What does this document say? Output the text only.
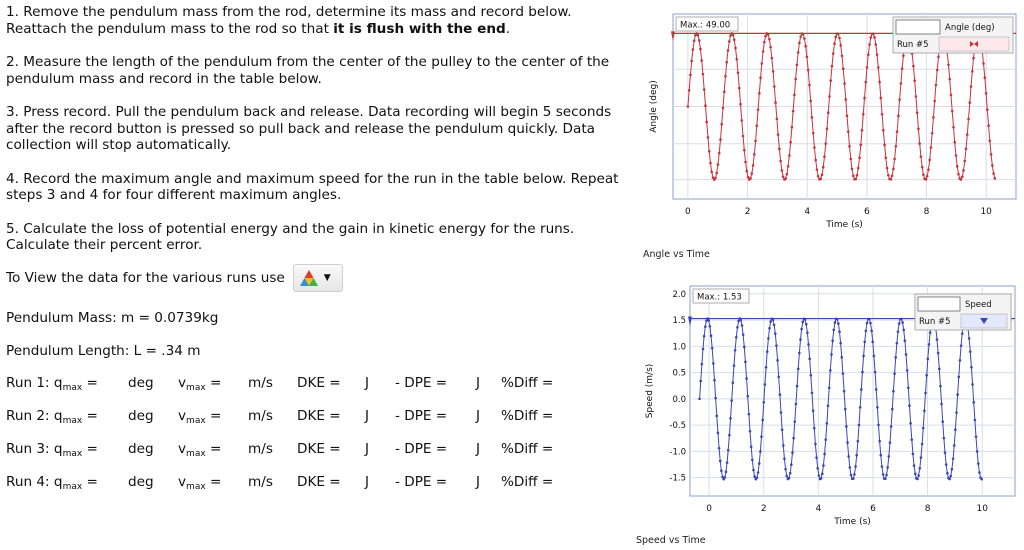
1. Remove the pendulum mass from the rod, determine its mass and record below.
Reattach the pendulum mass to the rod so that it is flush with the end.

2. Measure the length of the pendulum from the center of the pulley to the center of the pendulum mass and record in the table below.

3. Press record. Pull the pendulum back and release. Data recording will begin 5 seconds after the record button is pressed so pull back and release the pendulum quickly. Data collection will stop automatically.

4. Record the maximum angle and maximum speed for the run in the table below. Repeat steps 3 and 4 for four different maximum angles.

5. Calculate the loss of potential energy and the gain in kinetic energy for the runs. Calculate their percent error.

To View the data for the various runs use	▼
Pendulum Mass: m = 0.0739kg
Pendulum Length: L = .34 m
Run 1: $q_{max}$ = deg $v_{max} = m/s$ DKE = J - DPE = J %Diff =
Run 2: $q_{max}$ = deg $v_{max} = m/s$ DKE = J - DPE = J %Diff =
Run 3: $q_{max}$ = deg $v_{max} = m/s$ DKE = J - DPE = J %Diff =
Run 4: $q_{max}$ = deg $v_{max} = m/s$ DKE = J - DPE = J %Diff =
0	2	4	6	8	10
Time (s)
Angle (deg)
Max.: 49.00	Angle (deg)
Run #5
Angle vs Time
0	2	4	6	8	10
2.0
1.5
1.0
0.5
0.0
-0.5
-1.0
-1.5
Time (s)
Speed (m/s)
Max.: 1.53
Speed
Run #5
Speed vs Time
